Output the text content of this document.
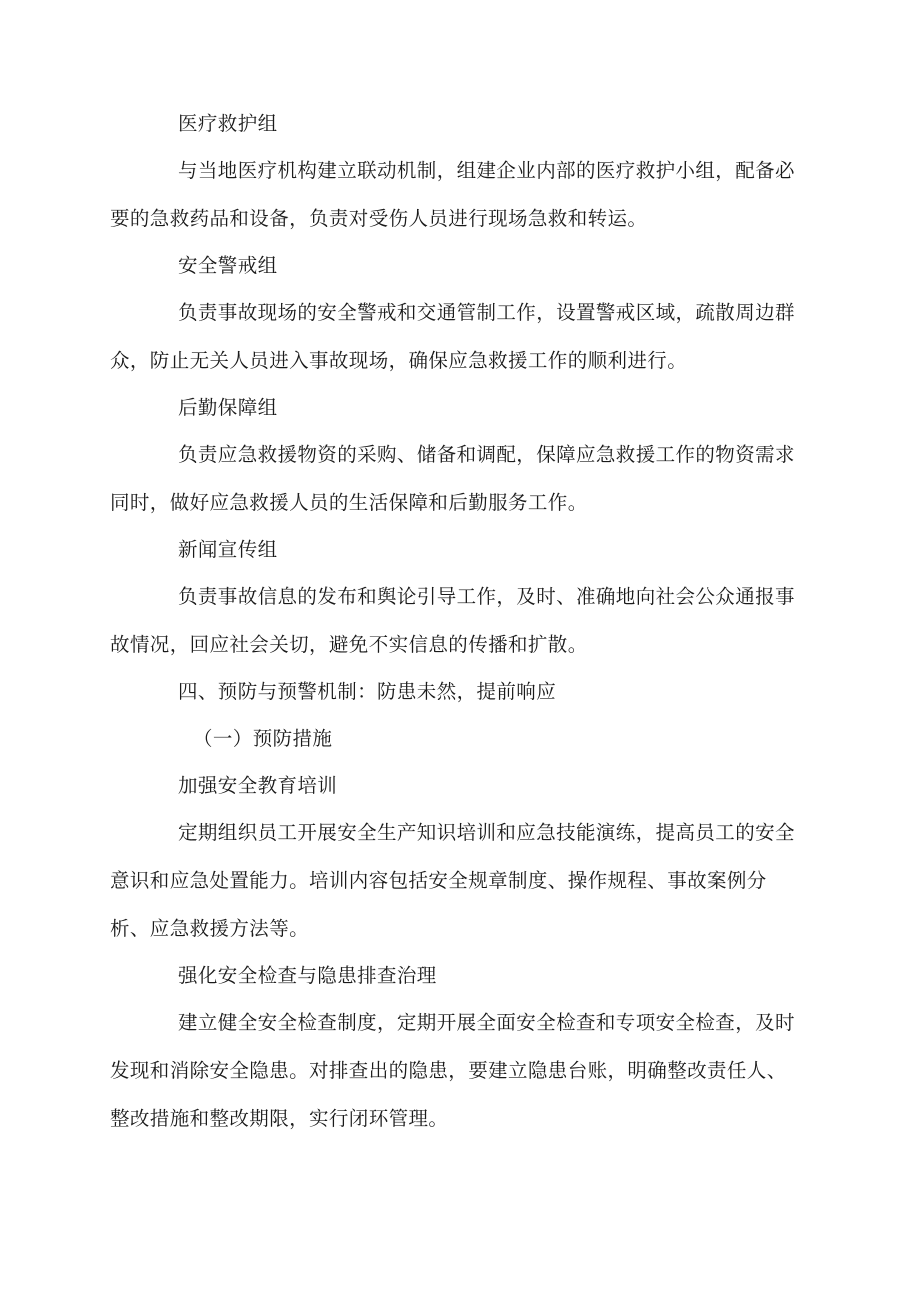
医疗救护组
与当地医疗机构建立联动机制，组建企业内部的医疗救护小组，配备必
要的急救药品和设备，负责对受伤人员进行现场急救和转运。
安全警戒组
负责事故现场的安全警戒和交通管制工作，设置警戒区域，疏散周边群
众，防止无关人员进入事故现场，确保应急救援工作的顺利进行。
后勤保障组
负责应急救援物资的采购、储备和调配，保障应急救援工作的物资需求
同时，做好应急救援人员的生活保障和后勤服务工作。
新闻宣传组
负责事故信息的发布和舆论引导工作，及时、准确地向社会公众通报事
故情况，回应社会关切，避免不实信息的传播和扩散。
四、预防与预警机制：防患未然，提前响应
（一）预防措施
加强安全教育培训
定期组织员工开展安全生产知识培训和应急技能演练，提高员工的安全
意识和应急处置能力。培训内容包括安全规章制度、操作规程、事故案例分
析、应急救援方法等。
强化安全检查与隐患排查治理
建立健全安全检查制度，定期开展全面安全检查和专项安全检查，及时
发现和消除安全隐患。对排查出的隐患，要建立隐患台账，明确整改责任人、
整改措施和整改期限，实行闭环管理。
